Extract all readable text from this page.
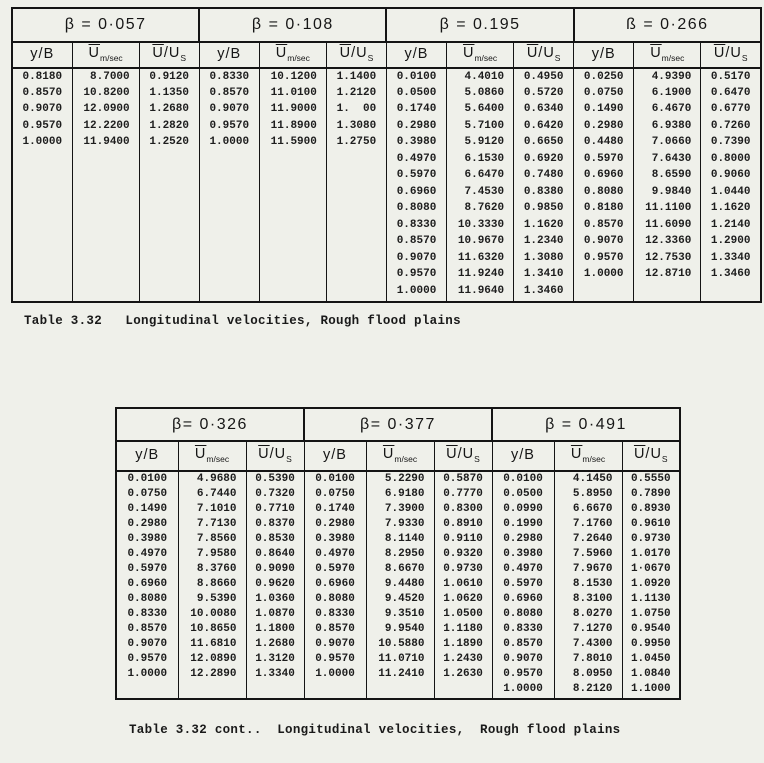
β = 0·057			β = 0·108			β = 0.195			ß = 0·266		
y/B	$\overline{U}_{m/sec}$	$\overline{U}/U_S$	y/B	$\overline{U}_{m/sec}$	$\overline{U}/U_S$	y/B	$\overline{U}_{m/sec}$	$\overline{U}/U_S$	y/B	$\overline{U}_{m/sec}$	$\overline{U}/U_S$
0.8180	8.7000	0.9120	0.8330	10.1200	1.1400	0.0100	4.4010	0.4950	0.0250	4.9390	0.5170
0.8570	10.8200	1.1350	0.8570	11.0100	1.2120	0.0500	5.0860	0.5720	0.0750	6.1900	0.6470
0.9070	12.0900	1.2680	0.9070	11.9000	1.  00	0.1740	5.6400	0.6340	0.1490	6.4670	0.6770
0.9570	12.2200	1.2820	0.9570	11.8900	1.3080	0.2980	5.7100	0.6420	0.2980	6.9380	0.7260
1.0000	11.9400	1.2520	1.0000	11.5900	1.2750	0.3980	5.9120	0.6650	0.4480	7.0660	0.7390
						0.4970	6.1530	0.6920	0.5970	7.6430	0.8000
						0.5970	6.6470	0.7480	0.6960	8.6590	0.9060
						0.6960	7.4530	0.8380	0.8080	9.9840	1.0440
						0.8080	8.7620	0.9850	0.8180	11.1100	1.1620
						0.8330	10.3330	1.1620	0.8570	11.6090	1.2140
						0.8570	10.9670	1.2340	0.9070	12.3360	1.2900
						0.9070	11.6320	1.3080	0.9570	12.7530	1.3340
						0.9570	11.9240	1.3410	1.0000	12.8710	1.3460
						1.0000	11.9640	1.3460			

Table 3.32   Longitudinal velocities, Rough flood plains
β= 0·326			β= 0·377			β = 0·491		
y/B	$\overline{U}_{m/sec}$	$\overline{U}/U_S$	y/B	$\overline{U}_{m/sec}$	$\overline{U}/U_S$	y/B	$\overline{U}_{m/sec}$	$\overline{U}/U_S$
0.0100	4.9680	0.5390	0.0100	5.2290	0.5870	0.0100	4.1450	0.5550
0.0750	6.7440	0.7320	0.0750	6.9180	0.7770	0.0500	5.8950	0.7890
0.1490	7.1010	0.7710	0.1740	7.3900	0.8300	0.0990	6.6670	0.8930
0.2980	7.7130	0.8370	0.2980	7.9330	0.8910	0.1990	7.1760	0.9610
0.3980	7.8560	0.8530	0.3980	8.1140	0.9110	0.2980	7.2640	0.9730
0.4970	7.9580	0.8640	0.4970	8.2950	0.9320	0.3980	7.5960	1.0170
0.5970	8.3760	0.9090	0.5970	8.6670	0.9730	0.4970	7.9670	1·0670
0.6960	8.8660	0.9620	0.6960	9.4480	1.0610	0.5970	8.1530	1.0920
0.8080	9.5390	1.0360	0.8080	9.4520	1.0620	0.6960	8.3100	1.1130
0.8330	10.0080	1.0870	0.8330	9.3510	1.0500	0.8080	8.0270	1.0750
0.8570	10.8650	1.1800	0.8570	9.9540	1.1180	0.8330	7.1270	0.9540
0.9070	11.6810	1.2680	0.9070	10.5880	1.1890	0.8570	7.4300	0.9950
0.9570	12.0890	1.3120	0.9570	11.0710	1.2430	0.9070	7.8010	1.0450
1.0000	12.2890	1.3340	1.0000	11.2410	1.2630	0.9570	8.0950	1.0840
						1.0000	8.2120	1.1000

Table 3.32 cont..  Longitudinal velocities,  Rough flood plains
